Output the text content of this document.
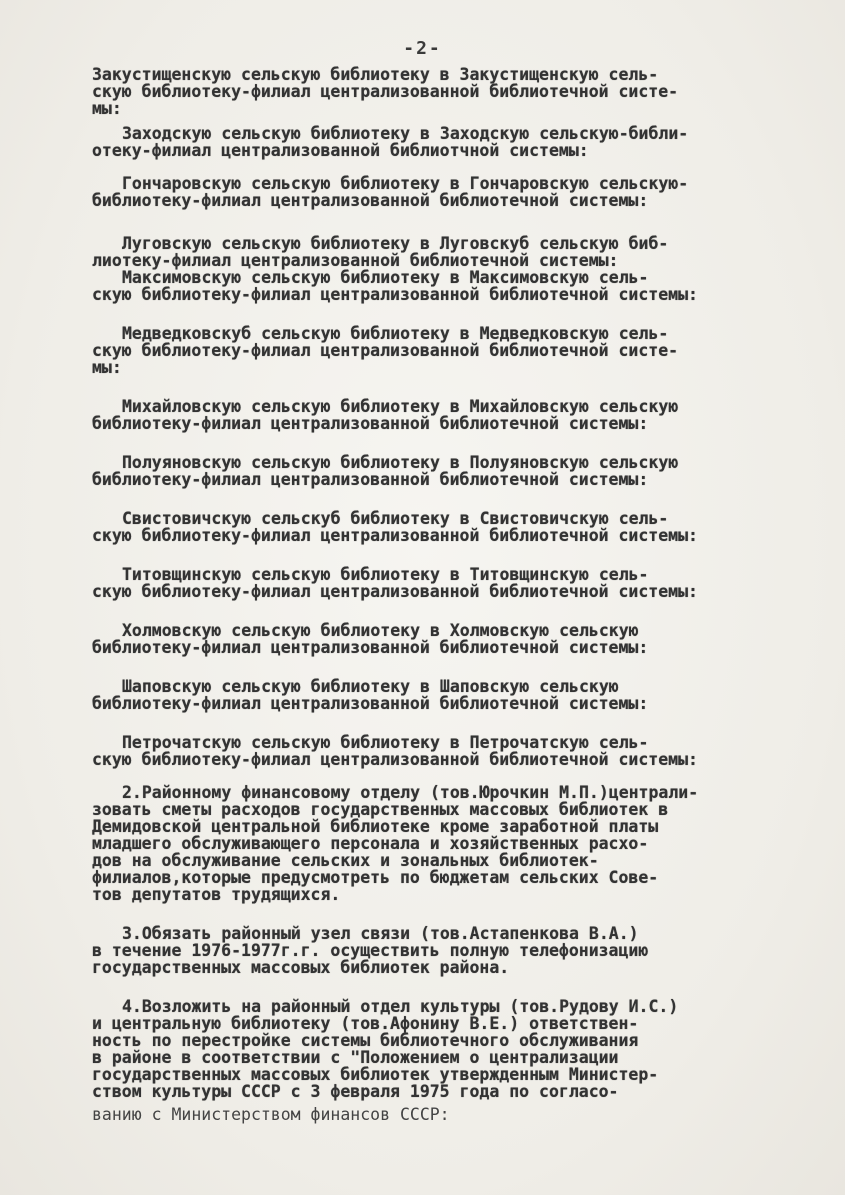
-2-

Закустищенскую сельскую библиотеку в Закустищенскую сель-
скую библиотеку-филиал централизованной библиотечной систе-
мы:

Заходскую сельскую библиотеку в Заходскую сельскую-библи-
отеку-филиал централизованной библиотчной системы:

Гончаровскую сельскую библиотеку в Гончаровскую сельскую-
библиотеку-филиал централизованной библиотечной системы:

Луговскую сельскую библиотеку в Луговскуб сельскую биб-
лиотеку-филиал централизованной библиотечной системы:

Максимовскую сельскую библиотеку в Максимовскую сель-
скую библиотеку-филиал централизованной библиотечной системы:

Медведковскуб сельскую библиотеку в Медведковскую сель-
скую библиотеку-филиал централизованной библиотечной систе-
мы:

Михайловскую сельскую библиотеку в Михайловскую сельскую
библиотеку-филиал централизованной библиотечной системы:

Полуяновскую сельскую библиотеку в Полуяновскую сельскую
библиотеку-филиал централизованной библиотечной системы:

Свистовичскую сельскуб библиотеку в Свистовичскую сель-
скую библиотеку-филиал централизованной библиотечной системы:

Титовщинскую сельскую библиотеку в Титовщинскую сель-
скую библиотеку-филиал централизованной библиотечной системы:

Холмовскую сельскую библиотеку в Холмовскую сельскую
библиотеку-филиал централизованной библиотечной системы:

Шаповскую сельскую библиотеку в Шаповскую сельскую
библиотеку-филиал централизованной библиотечной системы:

Петрочатскую сельскую библиотеку в Петрочатскую сель-
скую библиотеку-филиал централизованной библиотечной системы:

2.Районному финансовому отделу (тов.Юрочкин М.П.)централи-
зовать сметы расходов государственных массовых библиотек в
Демидовской центральной библиотеке кроме заработной платы
младшего обслуживающего персонала и хозяйственных расхо-
дов на обслуживание сельских и зональных библиотек-
филиалов,которые предусмотреть по бюджетам сельских Сове-
тов депутатов трудящихся.

3.Обязать районный узел связи (тов.Астапенкова В.А.)
в течение 1976-1977г.г. осуществить полную телефонизацию
государственных массовых библиотек района.

4.Возложить на районный отдел культуры (тов.Рудову И.С.)
и центральную библиотеку (тов.Афонину В.Е.) ответствен-
ность по перестройке системы библиотечного обслуживания
в районе в соответствии с "Положением о централизации
государственных массовых библиотек утвержденным Министер-
ством культуры СССР с 3 февраля 1975 года по согласо-
ванию с Министерством финансов СССР:
